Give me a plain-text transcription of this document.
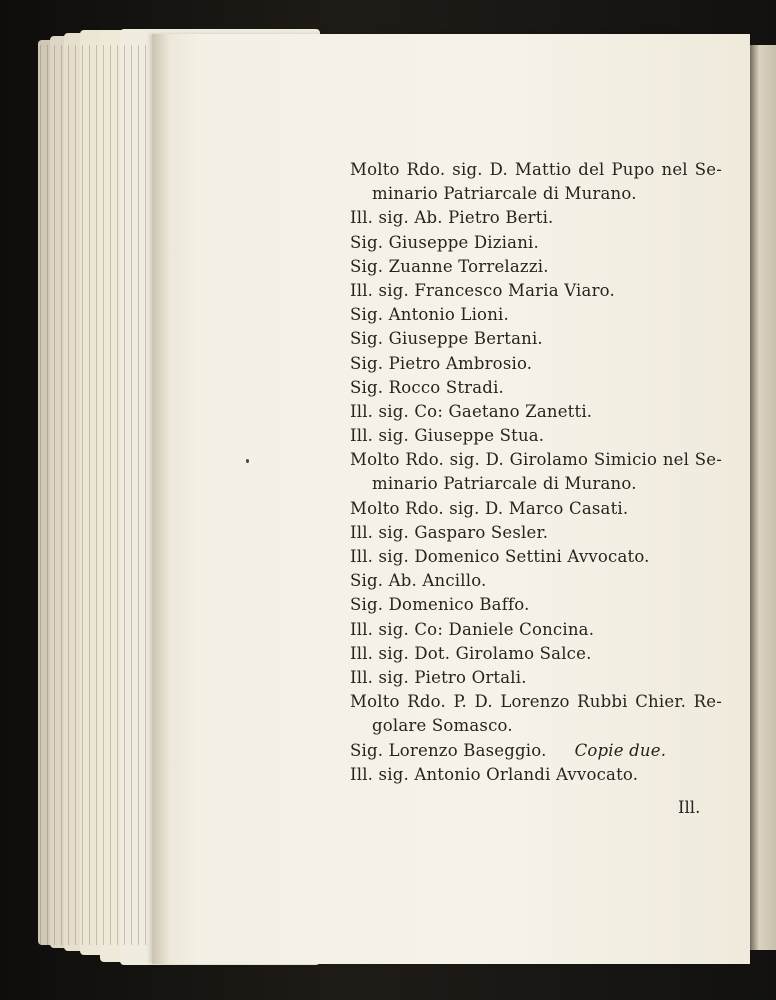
Molto Rdo. sig. D. Mattio del Pupo nel Se-
minario Patriarcale di Murano.
Ill. sig. Ab. Pietro Berti.
Sig. Giuseppe Diziani.
Sig. Zuanne Torrelazzi.
Ill. sig. Francesco Maria Viaro.
Sig. Antonio Lioni.
Sig. Giuseppe Bertani.
Sig. Pietro Ambrosio.
Sig. Rocco Stradi.
Ill. sig. Co: Gaetano Zanetti.
Ill. sig. Giuseppe Stua.
Molto Rdo. sig. D. Girolamo Simicio nel Se-
minario Patriarcale di Murano.
Molto Rdo. sig. D. Marco Casati.
Ill. sig. Gasparo Sesler.
Ill. sig. Domenico Settini Avvocato.
Sig. Ab. Ancillo.
Sig. Domenico Baffo.
Ill. sig. Co: Daniele Concina.
Ill. sig. Dot. Girolamo Salce.
Ill. sig. Pietro Ortali.
Molto Rdo. P. D. Lorenzo Rubbi Chier. Re-
golare Somasco.
Sig. Lorenzo Baseggio. Copie due.
Ill. sig. Antonio Orlandi Avvocato.
Ill.
